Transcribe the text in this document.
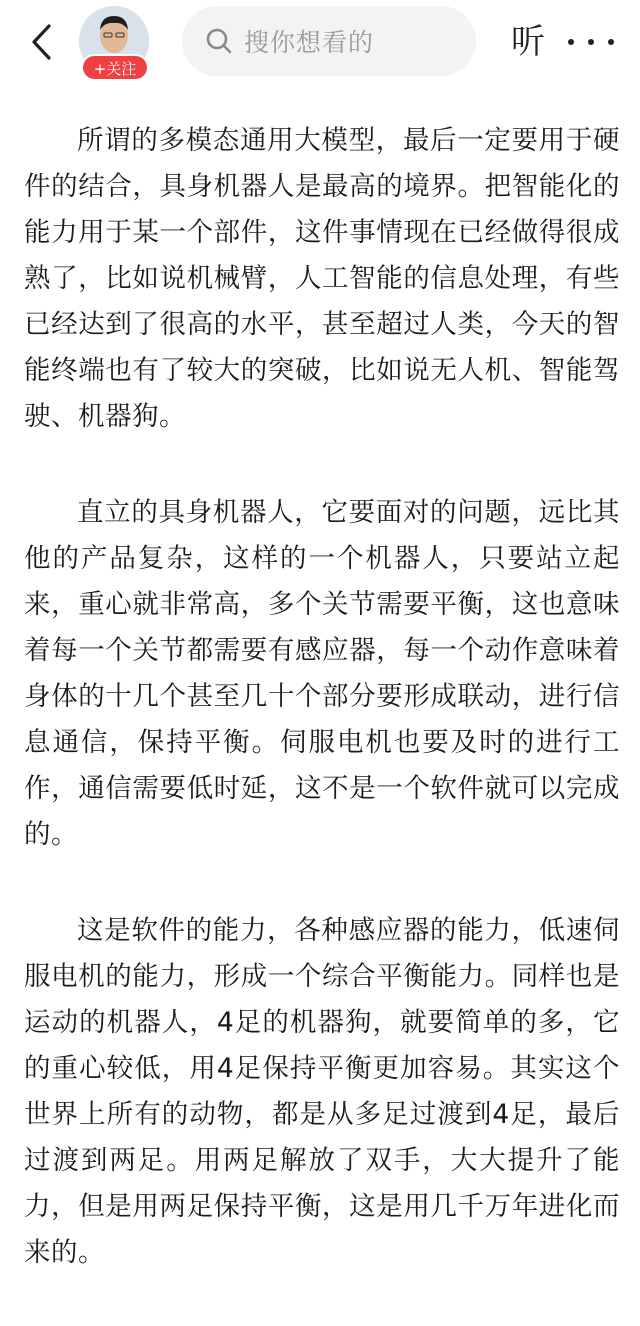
+关注
搜你想看的	听

所谓的多模态通用大模型，最后一定要用于硬件的结合，具身机器人是最高的境界。把智能化的能力用于某一个部件，这件事情现在已经做得很成熟了，比如说机械臂，人工智能的信息处理，有些已经达到了很高的水平，甚至超过人类，今天的智能终端也有了较大的突破，比如说无人机、智能驾驶、机器狗。

直立的具身机器人，它要面对的问题，远比其他的产品复杂，这样的一个机器人，只要站立起来，重心就非常高，多个关节需要平衡，这也意味着每一个关节都需要有感应器，每一个动作意味着身体的十几个甚至几十个部分要形成联动，进行信息通信，保持平衡。伺服电机也要及时的进行工作，通信需要低时延，这不是一个软件就可以完成的。

这是软件的能力，各种感应器的能力，低速伺服电机的能力，形成一个综合平衡能力。同样也是运动的机器人，4足的机器狗，就要简单的多，它的重心较低，用4足保持平衡更加容易。其实这个世界上所有的动物，都是从多足过渡到4足，最后过渡到两足。用两足解放了双手，大大提升了能力，但是用两足保持平衡，这是用几千万年进化而来的。
